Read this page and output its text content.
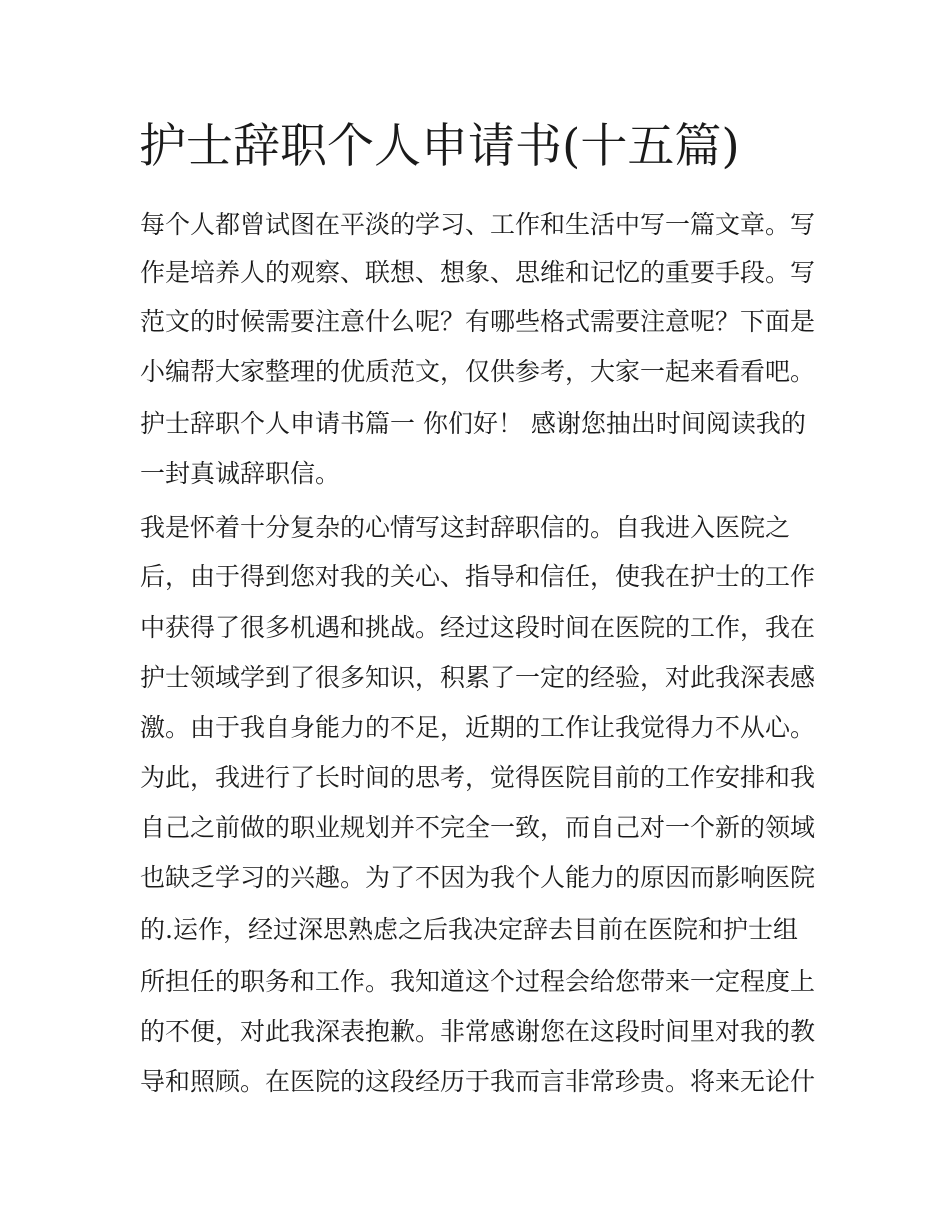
护士辞职个人申请书(十五篇)

每个人都曾试图在平淡的学习、工作和生活中写一篇文章。写

作是培养人的观察、联想、想象、思维和记忆的重要手段。写

范文的时候需要注意什么呢？有哪些格式需要注意呢？下面是

小编帮大家整理的优质范文，仅供参考，大家一起来看看吧。

护士辞职个人申请书篇一 你们好！ 感谢您抽出时间阅读我的

一封真诚辞职信。

我是怀着十分复杂的心情写这封辞职信的。自我进入医院之

后，由于得到您对我的关心、指导和信任，使我在护士的工作

中获得了很多机遇和挑战。经过这段时间在医院的工作，我在

护士领域学到了很多知识，积累了一定的经验，对此我深表感

激。由于我自身能力的不足，近期的工作让我觉得力不从心。

为此，我进行了长时间的思考，觉得医院目前的工作安排和我

自己之前做的职业规划并不完全一致，而自己对一个新的领域

也缺乏学习的兴趣。为了不因为我个人能力的原因而影响医院

的.运作，经过深思熟虑之后我决定辞去目前在医院和护士组

所担任的职务和工作。我知道这个过程会给您带来一定程度上

的不便，对此我深表抱歉。非常感谢您在这段时间里对我的教

导和照顾。在医院的这段经历于我而言非常珍贵。将来无论什
